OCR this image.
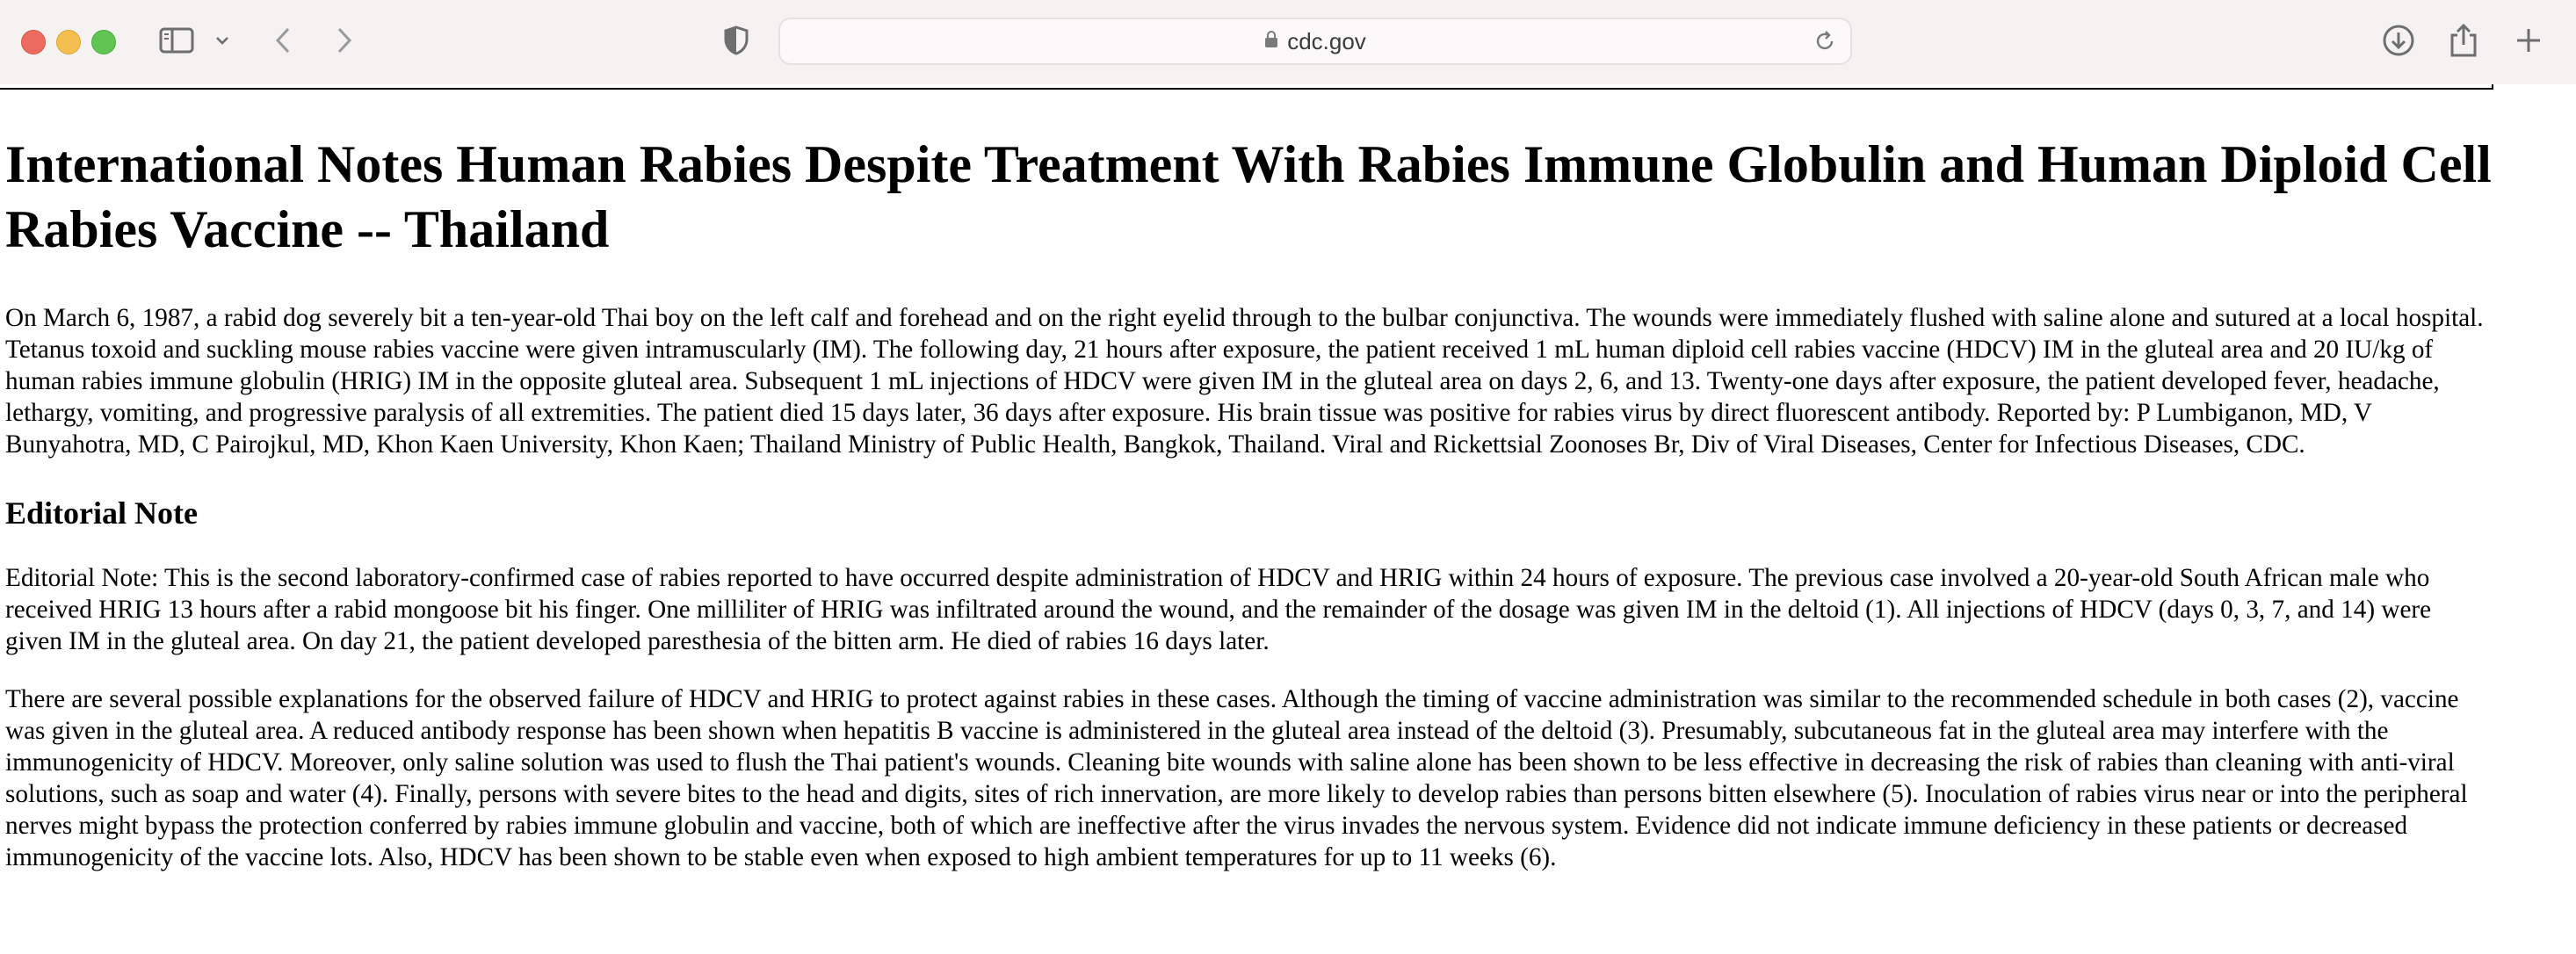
cdc.gov
International Notes Human Rabies Despite Treatment With Rabies Immune Globulin and Human Diploid Cell Rabies Vaccine -- Thailand

On March 6, 1987, a rabid dog severely bit a ten-year-old Thai boy on the left calf and forehead and on the right eyelid through to the bulbar conjunctiva. The wounds were immediately flushed with saline alone and sutured at a local hospital. Tetanus toxoid and suckling mouse rabies vaccine were given intramuscularly (IM). The following day, 21 hours after exposure, the patient received 1 mL human diploid cell rabies vaccine (HDCV) IM in the gluteal area and 20 IU/kg of human rabies immune globulin (HRIG) IM in the opposite gluteal area. Subsequent 1 mL injections of HDCV were given IM in the gluteal area on days 2, 6, and 13. Twenty-one days after exposure, the patient developed fever, headache, lethargy, vomiting, and progressive paralysis of all extremities. The patient died 15 days later, 36 days after exposure. His brain tissue was positive for rabies virus by direct fluorescent antibody. Reported by: P Lumbiganon, MD, V Bunyahotra, MD, C Pairojkul, MD, Khon Kaen University, Khon Kaen; Thailand Ministry of Public Health, Bangkok, Thailand. Viral and Rickettsial Zoonoses Br, Div of Viral Diseases, Center for Infectious Diseases, CDC.

Editorial Note

Editorial Note: This is the second laboratory-confirmed case of rabies reported to have occurred despite administration of HDCV and HRIG within 24 hours of exposure. The previous case involved a 20-year-old South African male who received HRIG 13 hours after a rabid mongoose bit his finger. One milliliter of HRIG was infiltrated around the wound, and the remainder of the dosage was given IM in the deltoid (1). All injections of HDCV (days 0, 3, 7, and 14) were given IM in the gluteal area. On day 21, the patient developed paresthesia of the bitten arm. He died of rabies 16 days later.

There are several possible explanations for the observed failure of HDCV and HRIG to protect against rabies in these cases. Although the timing of vaccine administration was similar to the recommended schedule in both cases (2), vaccine was given in the gluteal area. A reduced antibody response has been shown when hepatitis B vaccine is administered in the gluteal area instead of the deltoid (3). Presumably, subcutaneous fat in the gluteal area may interfere with the immunogenicity of HDCV. Moreover, only saline solution was used to flush the Thai patient's wounds. Cleaning bite wounds with saline alone has been shown to be less effective in decreasing the risk of rabies than cleaning with anti-viral solutions, such as soap and water (4). Finally, persons with severe bites to the head and digits, sites of rich innervation, are more likely to develop rabies than persons bitten elsewhere (5). Inoculation of rabies virus near or into the peripheral nerves might bypass the protection conferred by rabies immune globulin and vaccine, both of which are ineffective after the virus invades the nervous system. Evidence did not indicate immune deficiency in these patients or decreased immunogenicity of the vaccine lots. Also, HDCV has been shown to be stable even when exposed to high ambient temperatures for up to 11 weeks (6).
